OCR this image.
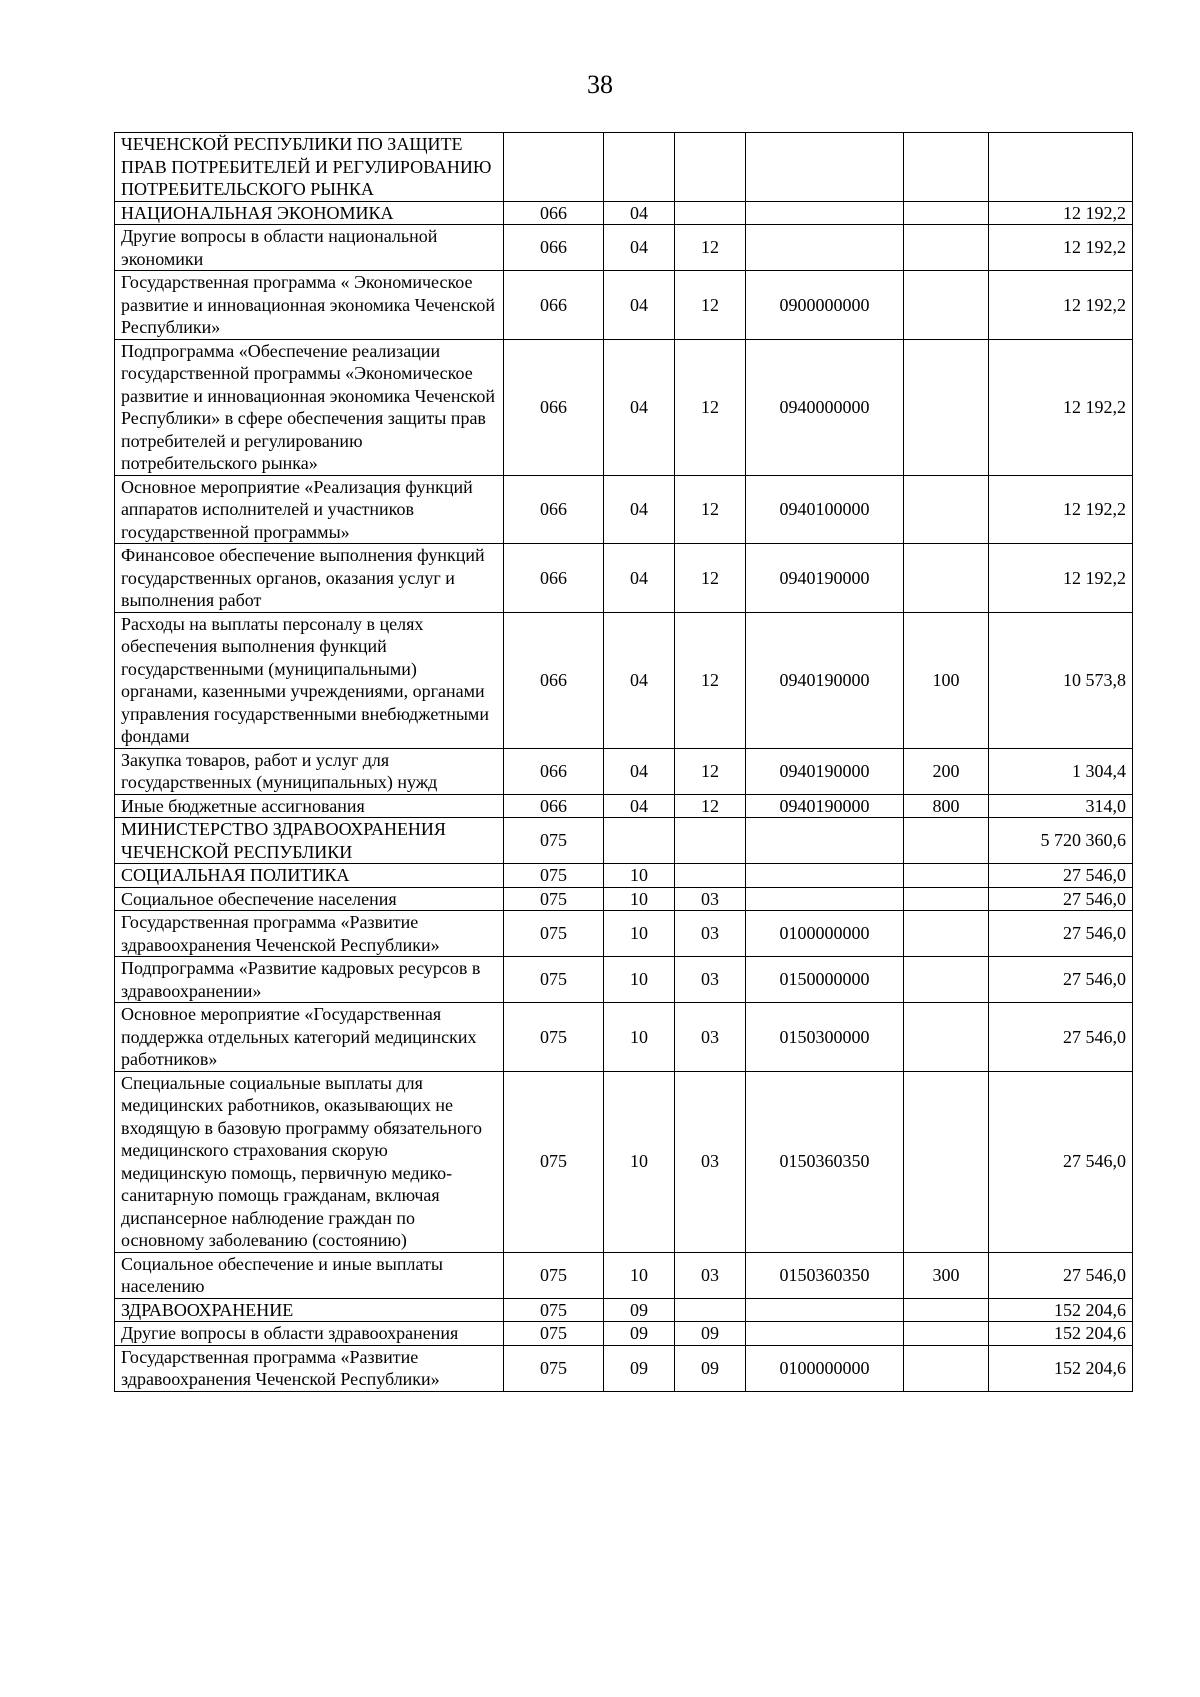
38
ЧЕЧЕНСКОЙ РЕСПУБЛИКИ ПО ЗАЩИТЕ ПРАВ ПОТРЕБИТЕЛЕЙ И РЕГУЛИРОВАНИЮ ПОТРЕБИТЕЛЬСКОГО РЫНКА						
НАЦИОНАЛЬНАЯ ЭКОНОМИКА	066	04				12 192,2
Другие вопросы в области национальной экономики	066	04	12			12 192,2
Государственная программа « Экономическое развитие и инновационная экономика Чеченской Республики»	066	04	12	0900000000		12 192,2
Подпрограмма «Обеспечение реализации государственной программы «Экономическое развитие и инновационная экономика Чеченской Республики» в сфере обеспечения защиты прав потребителей и регулированию потребительского рынка»	066	04	12	0940000000		12 192,2
Основное мероприятие «Реализация функций аппаратов исполнителей и участников государственной программы»	066	04	12	0940100000		12 192,2
Финансовое обеспечение выполнения функций государственных органов, оказания услуг и выполнения работ	066	04	12	0940190000		12 192,2
Расходы на выплаты персоналу в целях обеспечения выполнения функций государственными (муниципальными) органами, казенными учреждениями, органами управления государственными внебюджетными фондами	066	04	12	0940190000	100	10 573,8
Закупка товаров, работ и услуг для государственных (муниципальных) нужд	066	04	12	0940190000	200	1 304,4
Иные бюджетные ассигнования	066	04	12	0940190000	800	314,0
МИНИСТЕРСТВО ЗДРАВООХРАНЕНИЯ ЧЕЧЕНСКОЙ РЕСПУБЛИКИ	075					5 720 360,6
СОЦИАЛЬНАЯ ПОЛИТИКА	075	10				27 546,0
Социальное обеспечение населения	075	10	03			27 546,0
Государственная программа «Развитие здравоохранения Чеченской Республики»	075	10	03	0100000000		27 546,0
Подпрограмма «Развитие кадровых ресурсов в здравоохранении»	075	10	03	0150000000		27 546,0
Основное мероприятие «Государственная поддержка отдельных категорий медицинских работников»	075	10	03	0150300000		27 546,0
Специальные социальные выплаты для медицинских работников, оказывающих не входящую в базовую программу обязательного медицинского страхования скорую медицинскую помощь, первичную медико-санитарную помощь гражданам, включая диспансерное наблюдение граждан по основному заболеванию (состоянию)	075	10	03	0150360350		27 546,0
Социальное обеспечение и иные выплаты населению	075	10	03	0150360350	300	27 546,0
ЗДРАВООХРАНЕНИЕ	075	09				152 204,6
Другие вопросы в области здравоохранения	075	09	09			152 204,6
Государственная программа «Развитие здравоохранения Чеченской Республики»	075	09	09	0100000000		152 204,6
